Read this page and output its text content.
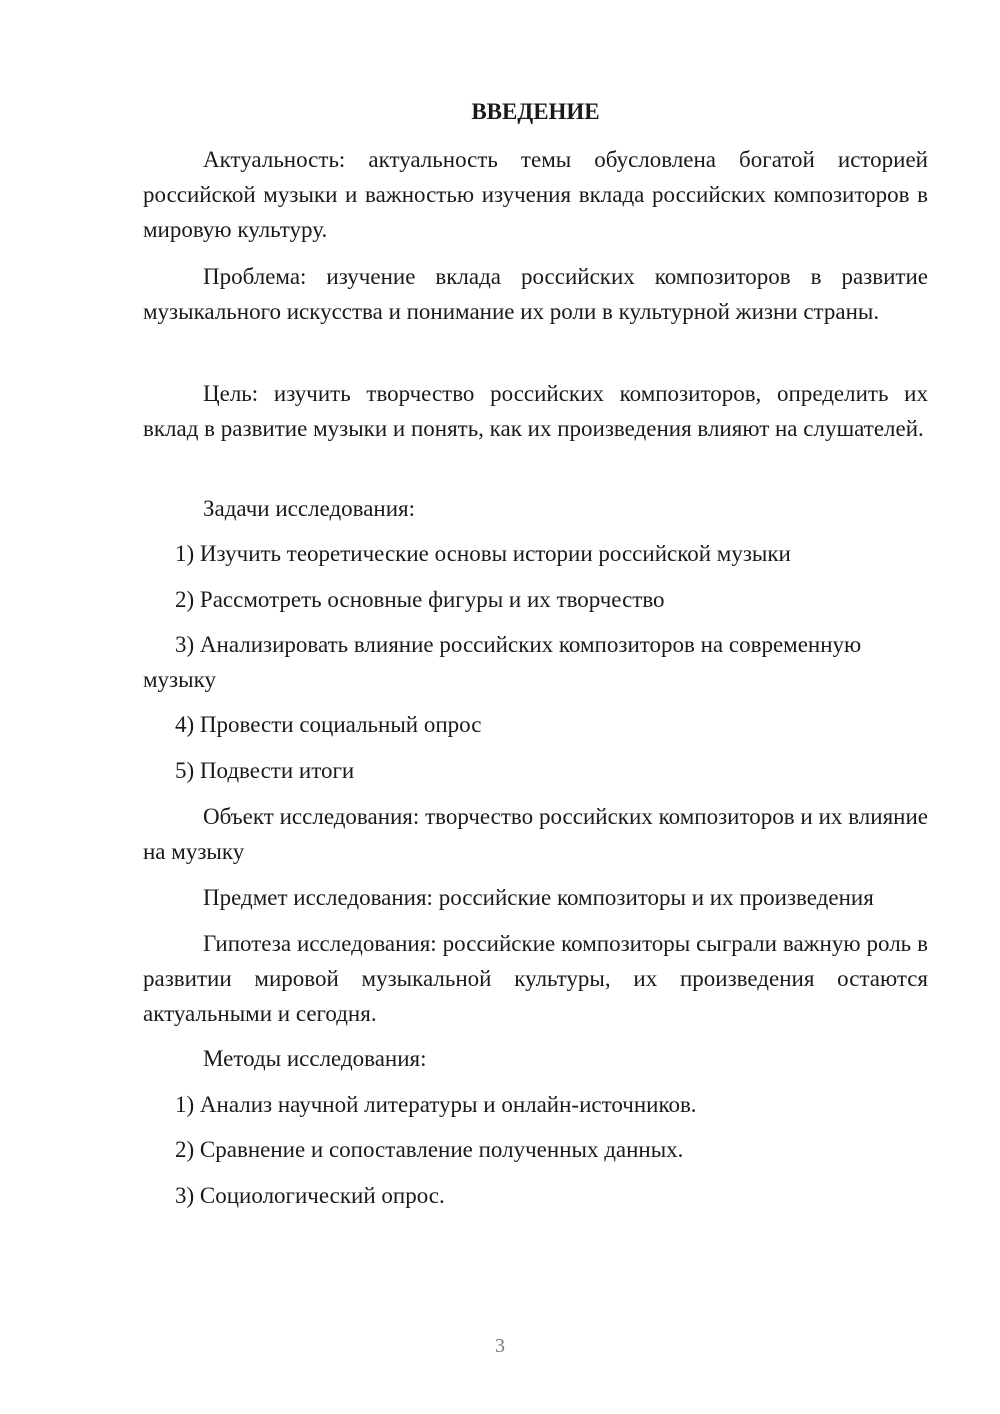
ВВЕДЕНИЕ

Актуальность: актуальность темы обусловлена богатой историей российской музыки и важностью изучения вклада российских композиторов в мировую культуру.

Проблема: изучение вклада российских композиторов в развитие музыкального искусства и понимание их роли в культурной жизни страны.

Цель: изучить творчество российских композиторов, определить их вклад в развитие музыки и понять, как их произведения влияют на слушателей.

Задачи исследования:

1) Изучить теоретические основы истории российской музыки

2) Рассмотреть основные фигуры и их творчество

3) Анализировать влияние российских композиторов на современную музыку

4) Провести социальный опрос

5) Подвести итоги

Объект исследования: творчество российских композиторов и их влияние на музыку

Предмет исследования: российские композиторы и их произведения

Гипотеза исследования: российские композиторы сыграли важную роль в развитии мировой музыкальной культуры, их произведения остаются актуальными и сегодня.

Методы исследования:

1) Анализ научной литературы и онлайн-источников.

2) Сравнение и сопоставление полученных данных.

3) Социологический опрос.

3
